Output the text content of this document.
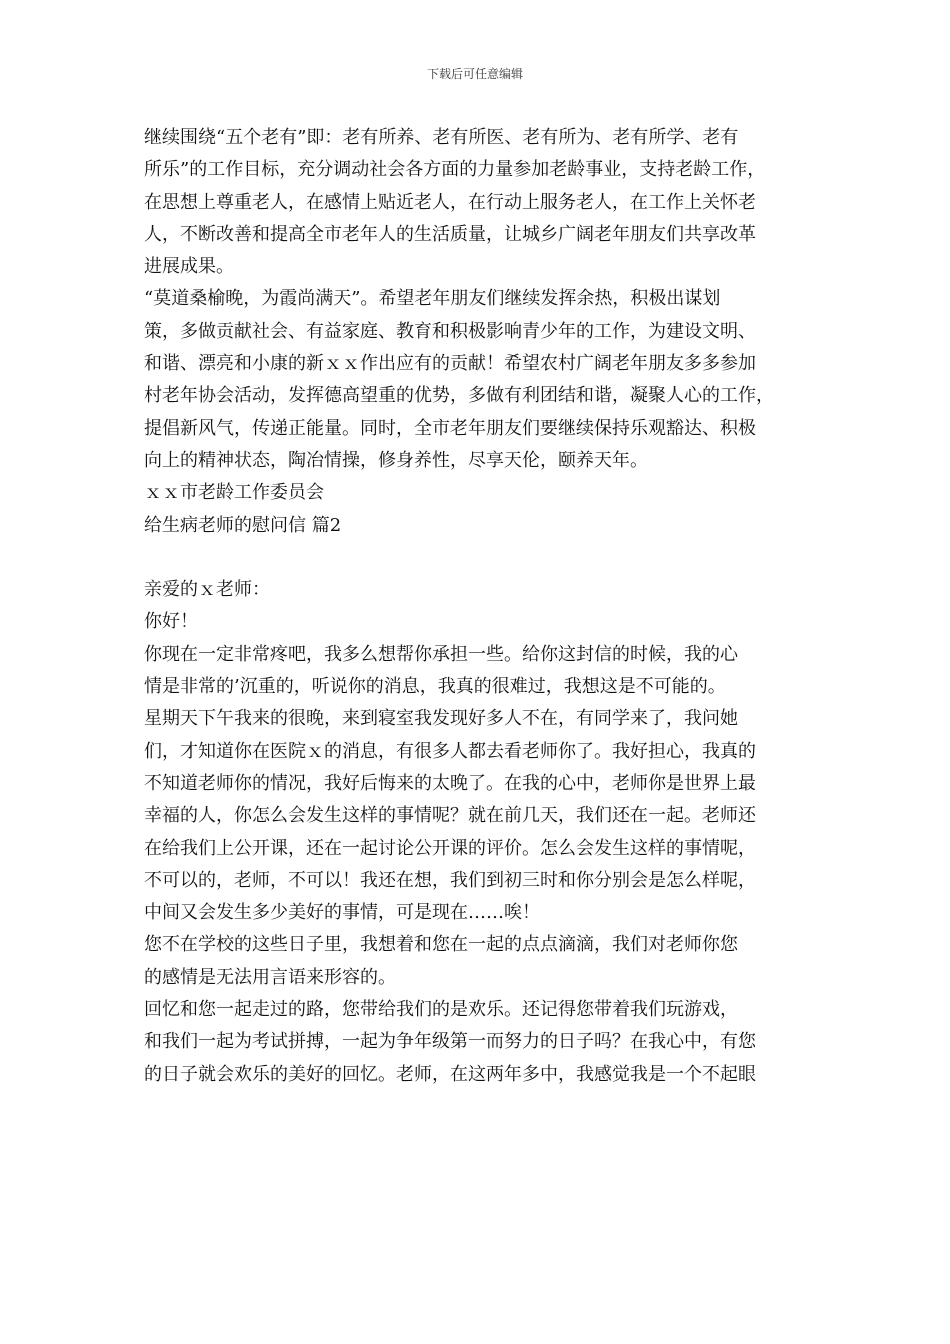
下载后可任意编辑
继续围绕“五个老有”即：老有所养、老有所医、老有所为、老有所学、老有
所乐”的工作目标，充分调动社会各方面的力量参加老龄事业，支持老龄工作，
在思想上尊重老人，在感情上贴近老人，在行动上服务老人，在工作上关怀老
人，不断改善和提高全市老年人的生活质量，让城乡广阔老年朋友们共享改革
进展成果。
“莫道桑榆晚，为霞尚满天”。希望老年朋友们继续发挥余热，积极出谋划
策，多做贡献社会、有益家庭、教育和积极影响青少年的工作，为建设文明、
和谐、漂亮和小康的新ｘｘ作出应有的贡献！希望农村广阔老年朋友多多参加
村老年协会活动，发挥德高望重的优势，多做有利团结和谐，凝聚人心的工作，
提倡新风气，传递正能量。同时，全市老年朋友们要继续保持乐观豁达、积极
向上的精神状态，陶冶情操，修身养性，尽享天伦，颐养天年。
ｘｘ市老龄工作委员会
给生病老师的慰问信 篇2
亲爱的ｘ老师：
你好！
你现在一定非常疼吧，我多么想帮你承担一些。给你这封信的时候，我的心
情是非常的’沉重的，听说你的消息，我真的很难过，我想这是不可能的。
星期天下午我来的很晚，来到寝室我发现好多人不在，有同学来了，我问她
们，才知道你在医院ｘ的消息，有很多人都去看老师你了。我好担心，我真的
不知道老师你的情况，我好后悔来的太晚了。在我的心中，老师你是世界上最
幸福的人，你怎么会发生这样的事情呢？就在前几天，我们还在一起。老师还
在给我们上公开课，还在一起讨论公开课的评价。怎么会发生这样的事情呢，
不可以的，老师，不可以！我还在想，我们到初三时和你分别会是怎么样呢，
中间又会发生多少美好的事情，可是现在……唉！
您不在学校的这些日子里，我想着和您在一起的点点滴滴，我们对老师你您
的感情是无法用言语来形容的。
回忆和您一起走过的路，您带给我们的是欢乐。还记得您带着我们玩游戏，
和我们一起为考试拼搏，一起为争年级第一而努力的日子吗？在我心中，有您
的日子就会欢乐的美好的回忆。老师，在这两年多中，我感觉我是一个不起眼
